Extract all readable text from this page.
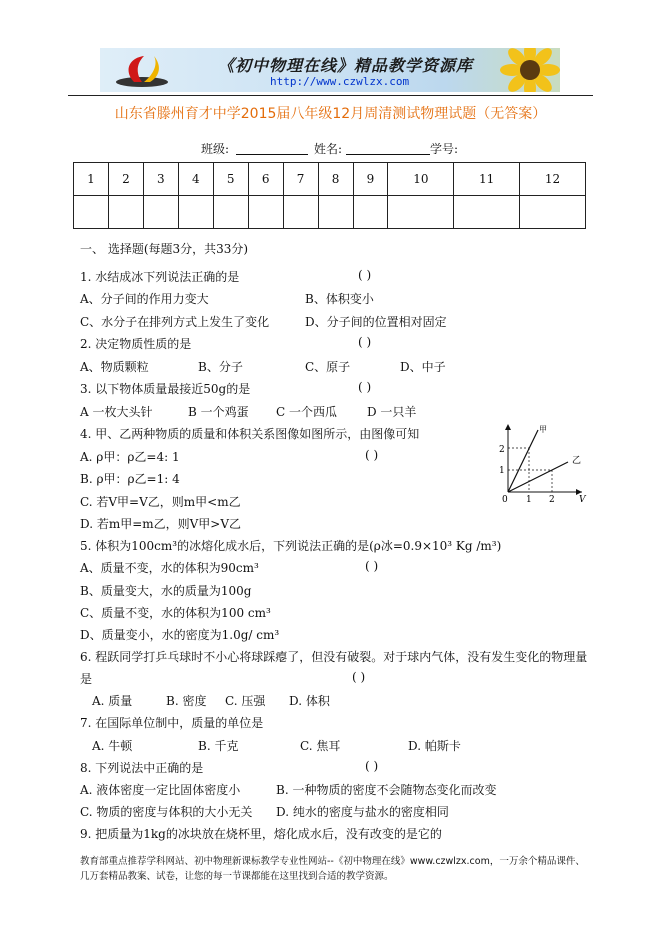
《初中物理在线》精品教学资源库
http://www.czwlzx.com
山东省滕州育才中学2015届八年级12月周清测试物理试题（无答案）
班级:	姓名:	学号:
1	2	3	4	5	6	7	8	9	10	11	12

一、 选择题(每题3分，共33分)
1. 水结成冰下列说法正确的是	( )
A、分子间的作用力变大	B、体积变小
C、水分子在排列方式上发生了变化	D、分子间的位置相对固定
2. 决定物质性质的是	( )
A、物质颗粒	B、分子	C、原子	D、中子
3. 以下物体质量最接近50g的是	( )
A 一枚大头针	B 一个鸡蛋 C 一个西瓜	D 一只羊
4. 甲、乙两种物质的质量和体积关系图像如图所示，由图像可知
( )
A. ρ甲：ρ乙=4: 1
B. ρ甲：ρ乙=1: 4
C. 若V甲=V乙，则m甲<m乙
D. 若m甲=m乙，则V甲>V乙
甲
乙
2
1
0 1 2	V
5. 体积为100cm³的冰熔化成水后，下列说法正确的是(ρ冰=0.9×10³ Kg /m³)
( )
A、质量不变，水的体积为90cm³
B、质量变大，水的质量为100g
C、质量不变，水的体积为100 cm³
D、质量变小，水的密度为1.0g/ cm³
6. 程跃同学打乒乓球时不小心将球踩瘪了，但没有破裂。对于球内气体，没有发生变化的物理量
是	( )
A. 质量	B. 密度 C. 压强 D. 体积
7. 在国际单位制中，质量的单位是
A. 牛顿	B. 千克	C. 焦耳	D. 帕斯卡
8. 下列说法中正确的是	( )
A. 液体密度一定比固体密度小	B. 一种物质的密度不会随物态变化而改变
C. 物质的密度与体积的大小无关 D. 纯水的密度与盐水的密度相同
9. 把质量为1kg的冰块放在烧杯里，熔化成水后，没有改变的是它的
教育部重点推荐学科网站、初中物理新课标教学专业性网站--《初中物理在线》www.czwlzx.com，一万余个精品课件、
几万套精品教案、试卷，让您的每一节课都能在这里找到合适的教学资源。
